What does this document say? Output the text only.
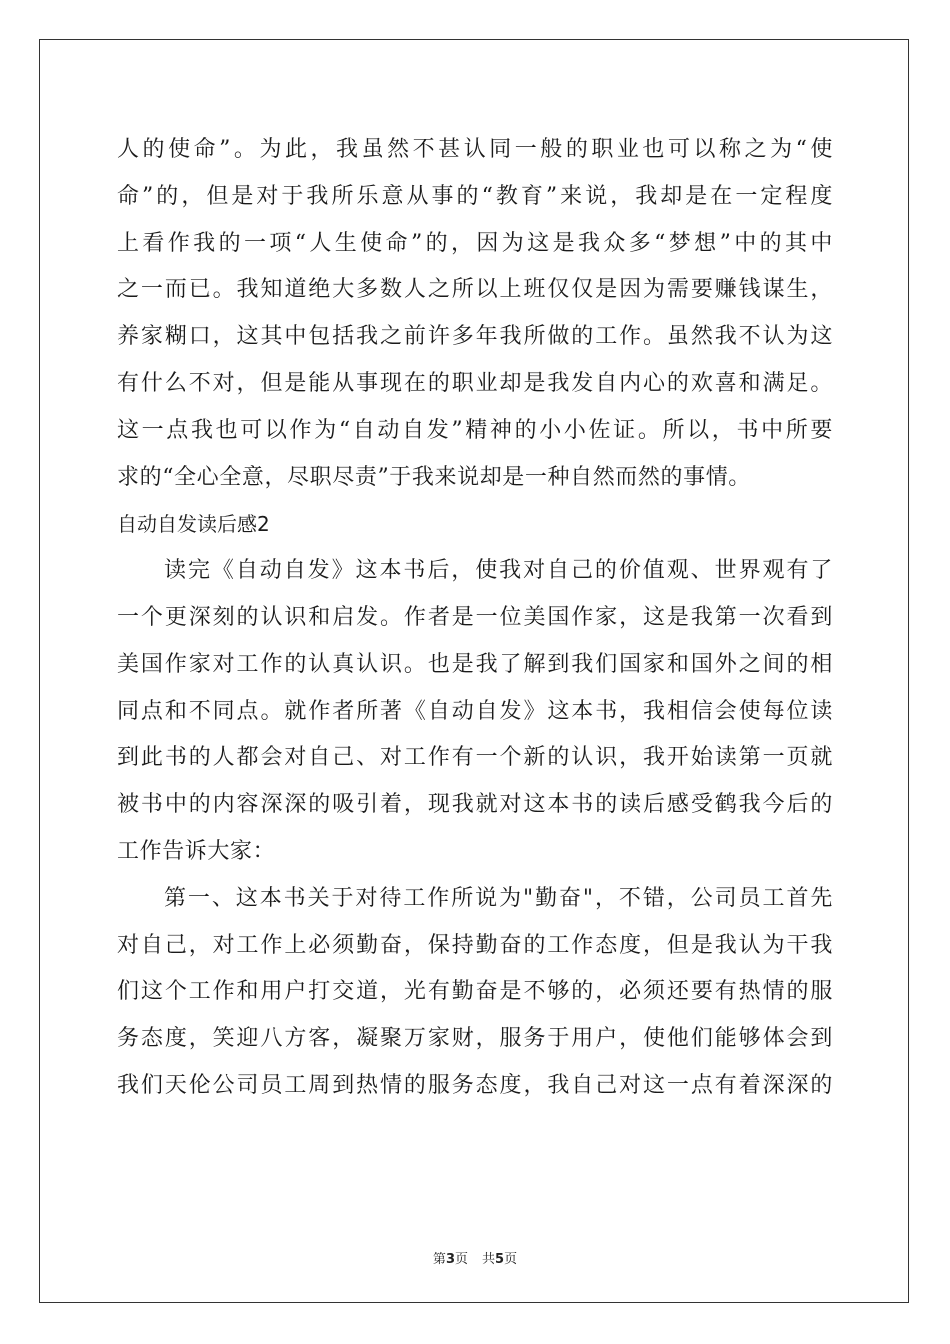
人的使命”。为此，我虽然不甚认同一般的职业也可以称之为“使
命”的，但是对于我所乐意从事的“教育”来说，我却是在一定程度
上看作我的一项“人生使命”的，因为这是我众多“梦想”中的其中
之一而已。我知道绝大多数人之所以上班仅仅是因为需要赚钱谋生，
养家糊口，这其中包括我之前许多年我所做的工作。虽然我不认为这
有什么不对，但是能从事现在的职业却是我发自内心的欢喜和满足。
这一点我也可以作为“自动自发”精神的小小佐证。所以，书中所要
求的“全心全意，尽职尽责”于我来说却是一种自然而然的事情。
自动自发读后感2
读完《自动自发》这本书后，使我对自己的价值观、世界观有了
一个更深刻的认识和启发。作者是一位美国作家，这是我第一次看到
美国作家对工作的认真认识。也是我了解到我们国家和国外之间的相
同点和不同点。就作者所著《自动自发》这本书，我相信会使每位读
到此书的人都会对自己、对工作有一个新的认识，我开始读第一页就
被书中的内容深深的吸引着，现我就对这本书的读后感受鹤我今后的
工作告诉大家：
第一、这本书关于对待工作所说为"勤奋"，不错，公司员工首先
对自己，对工作上必须勤奋，保持勤奋的工作态度，但是我认为干我
们这个工作和用户打交道，光有勤奋是不够的，必须还要有热情的服
务态度，笑迎八方客，凝聚万家财，服务于用户，使他们能够体会到
我们天伦公司员工周到热情的服务态度，我自己对这一点有着深深的
第3页 共5页
